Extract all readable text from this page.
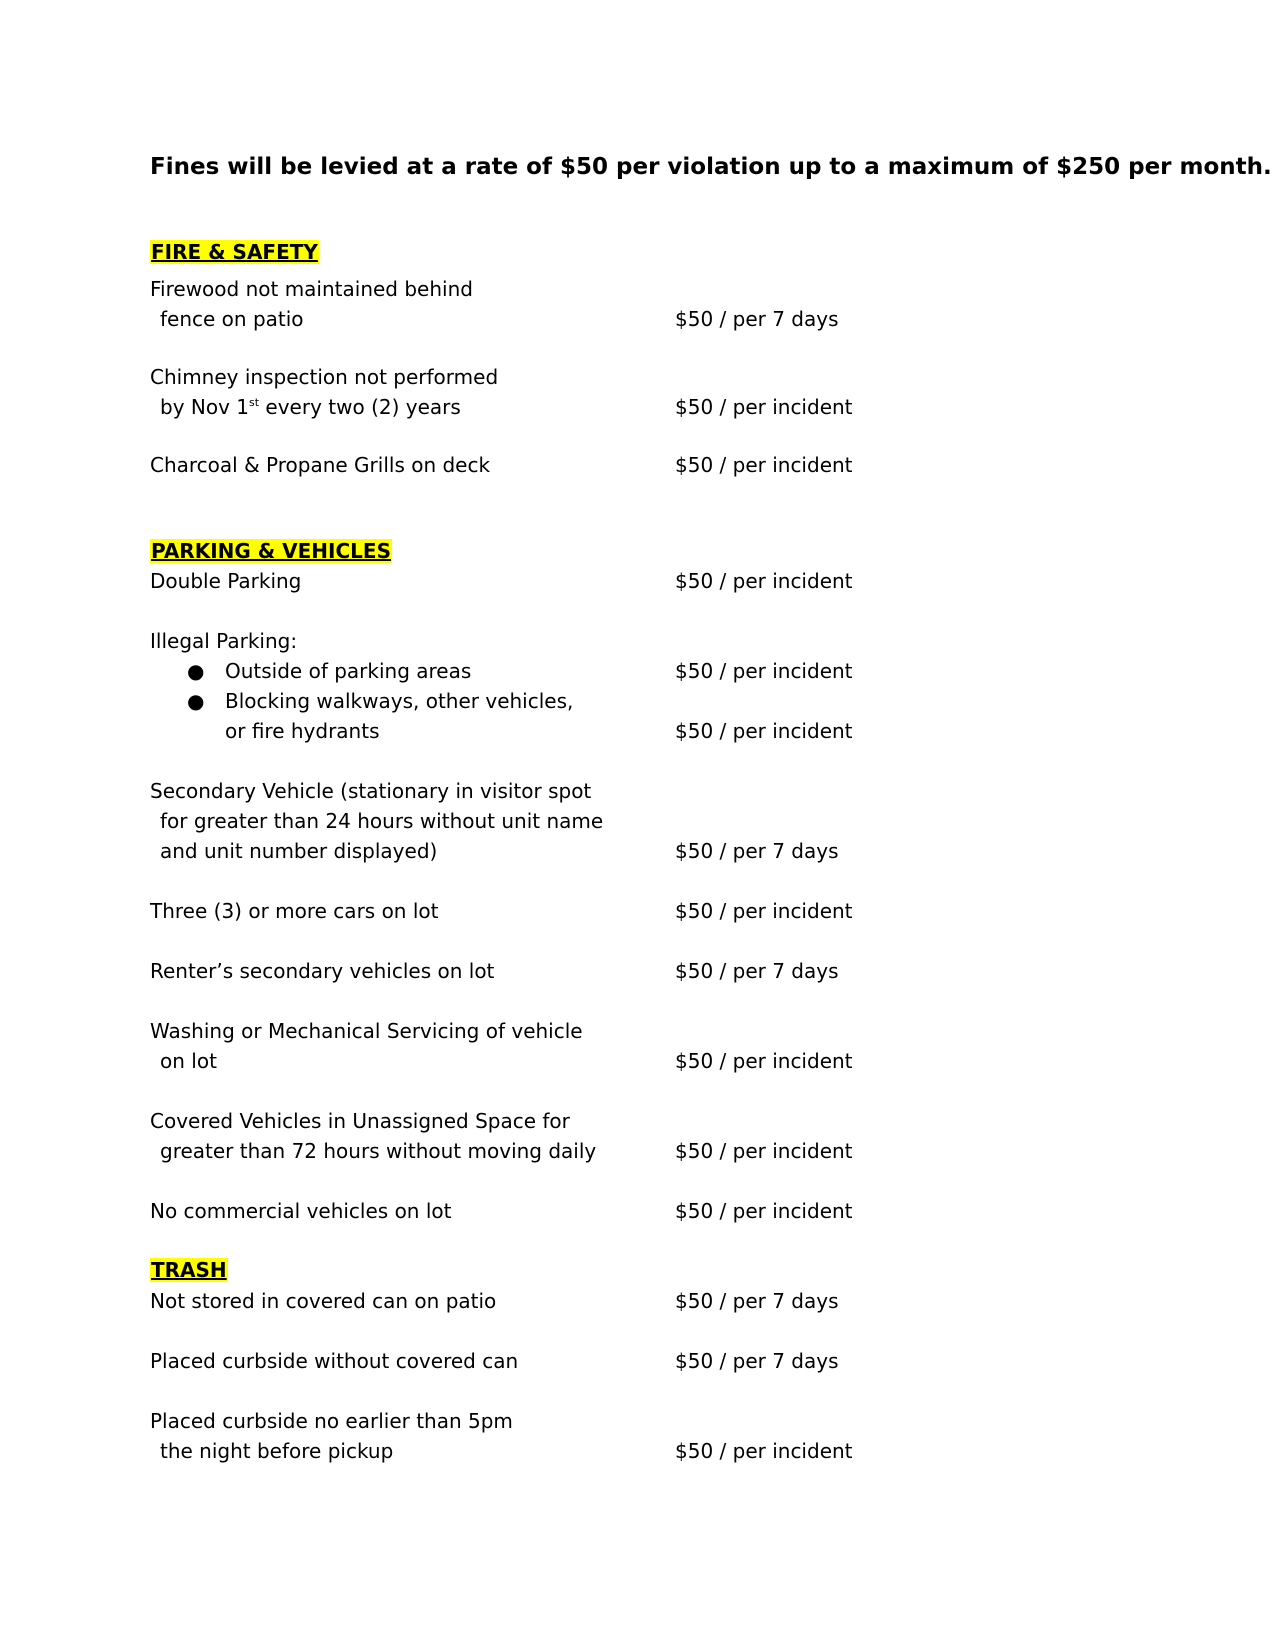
Fines will be levied at a rate of $50 per violation up to a maximum of $250 per month.
FIRE & SAFETY
Firewood not maintained behind
fence on patio	$50 / per 7 days
Chimney inspection not performed
by Nov 1st every two (2) years	$50 / per incident
Charcoal & Propane Grills on deck	$50 / per incident
PARKING & VEHICLES
Double Parking	$50 / per incident
Illegal Parking:
● Outside of parking areas	$50 / per incident
● Blocking walkways, other vehicles,
or fire hydrants	$50 / per incident
Secondary Vehicle (stationary in visitor spot
for greater than 24 hours without unit name
and unit number displayed)	$50 / per 7 days
Three (3) or more cars on lot	$50 / per incident
Renter’s secondary vehicles on lot	$50 / per 7 days
Washing or Mechanical Servicing of vehicle
on lot	$50 / per incident
Covered Vehicles in Unassigned Space for
greater than 72 hours without moving daily	$50 / per incident
No commercial vehicles on lot	$50 / per incident
TRASH
Not stored in covered can on patio	$50 / per 7 days
Placed curbside without covered can	$50 / per 7 days
Placed curbside no earlier than 5pm
the night before pickup	$50 / per incident
